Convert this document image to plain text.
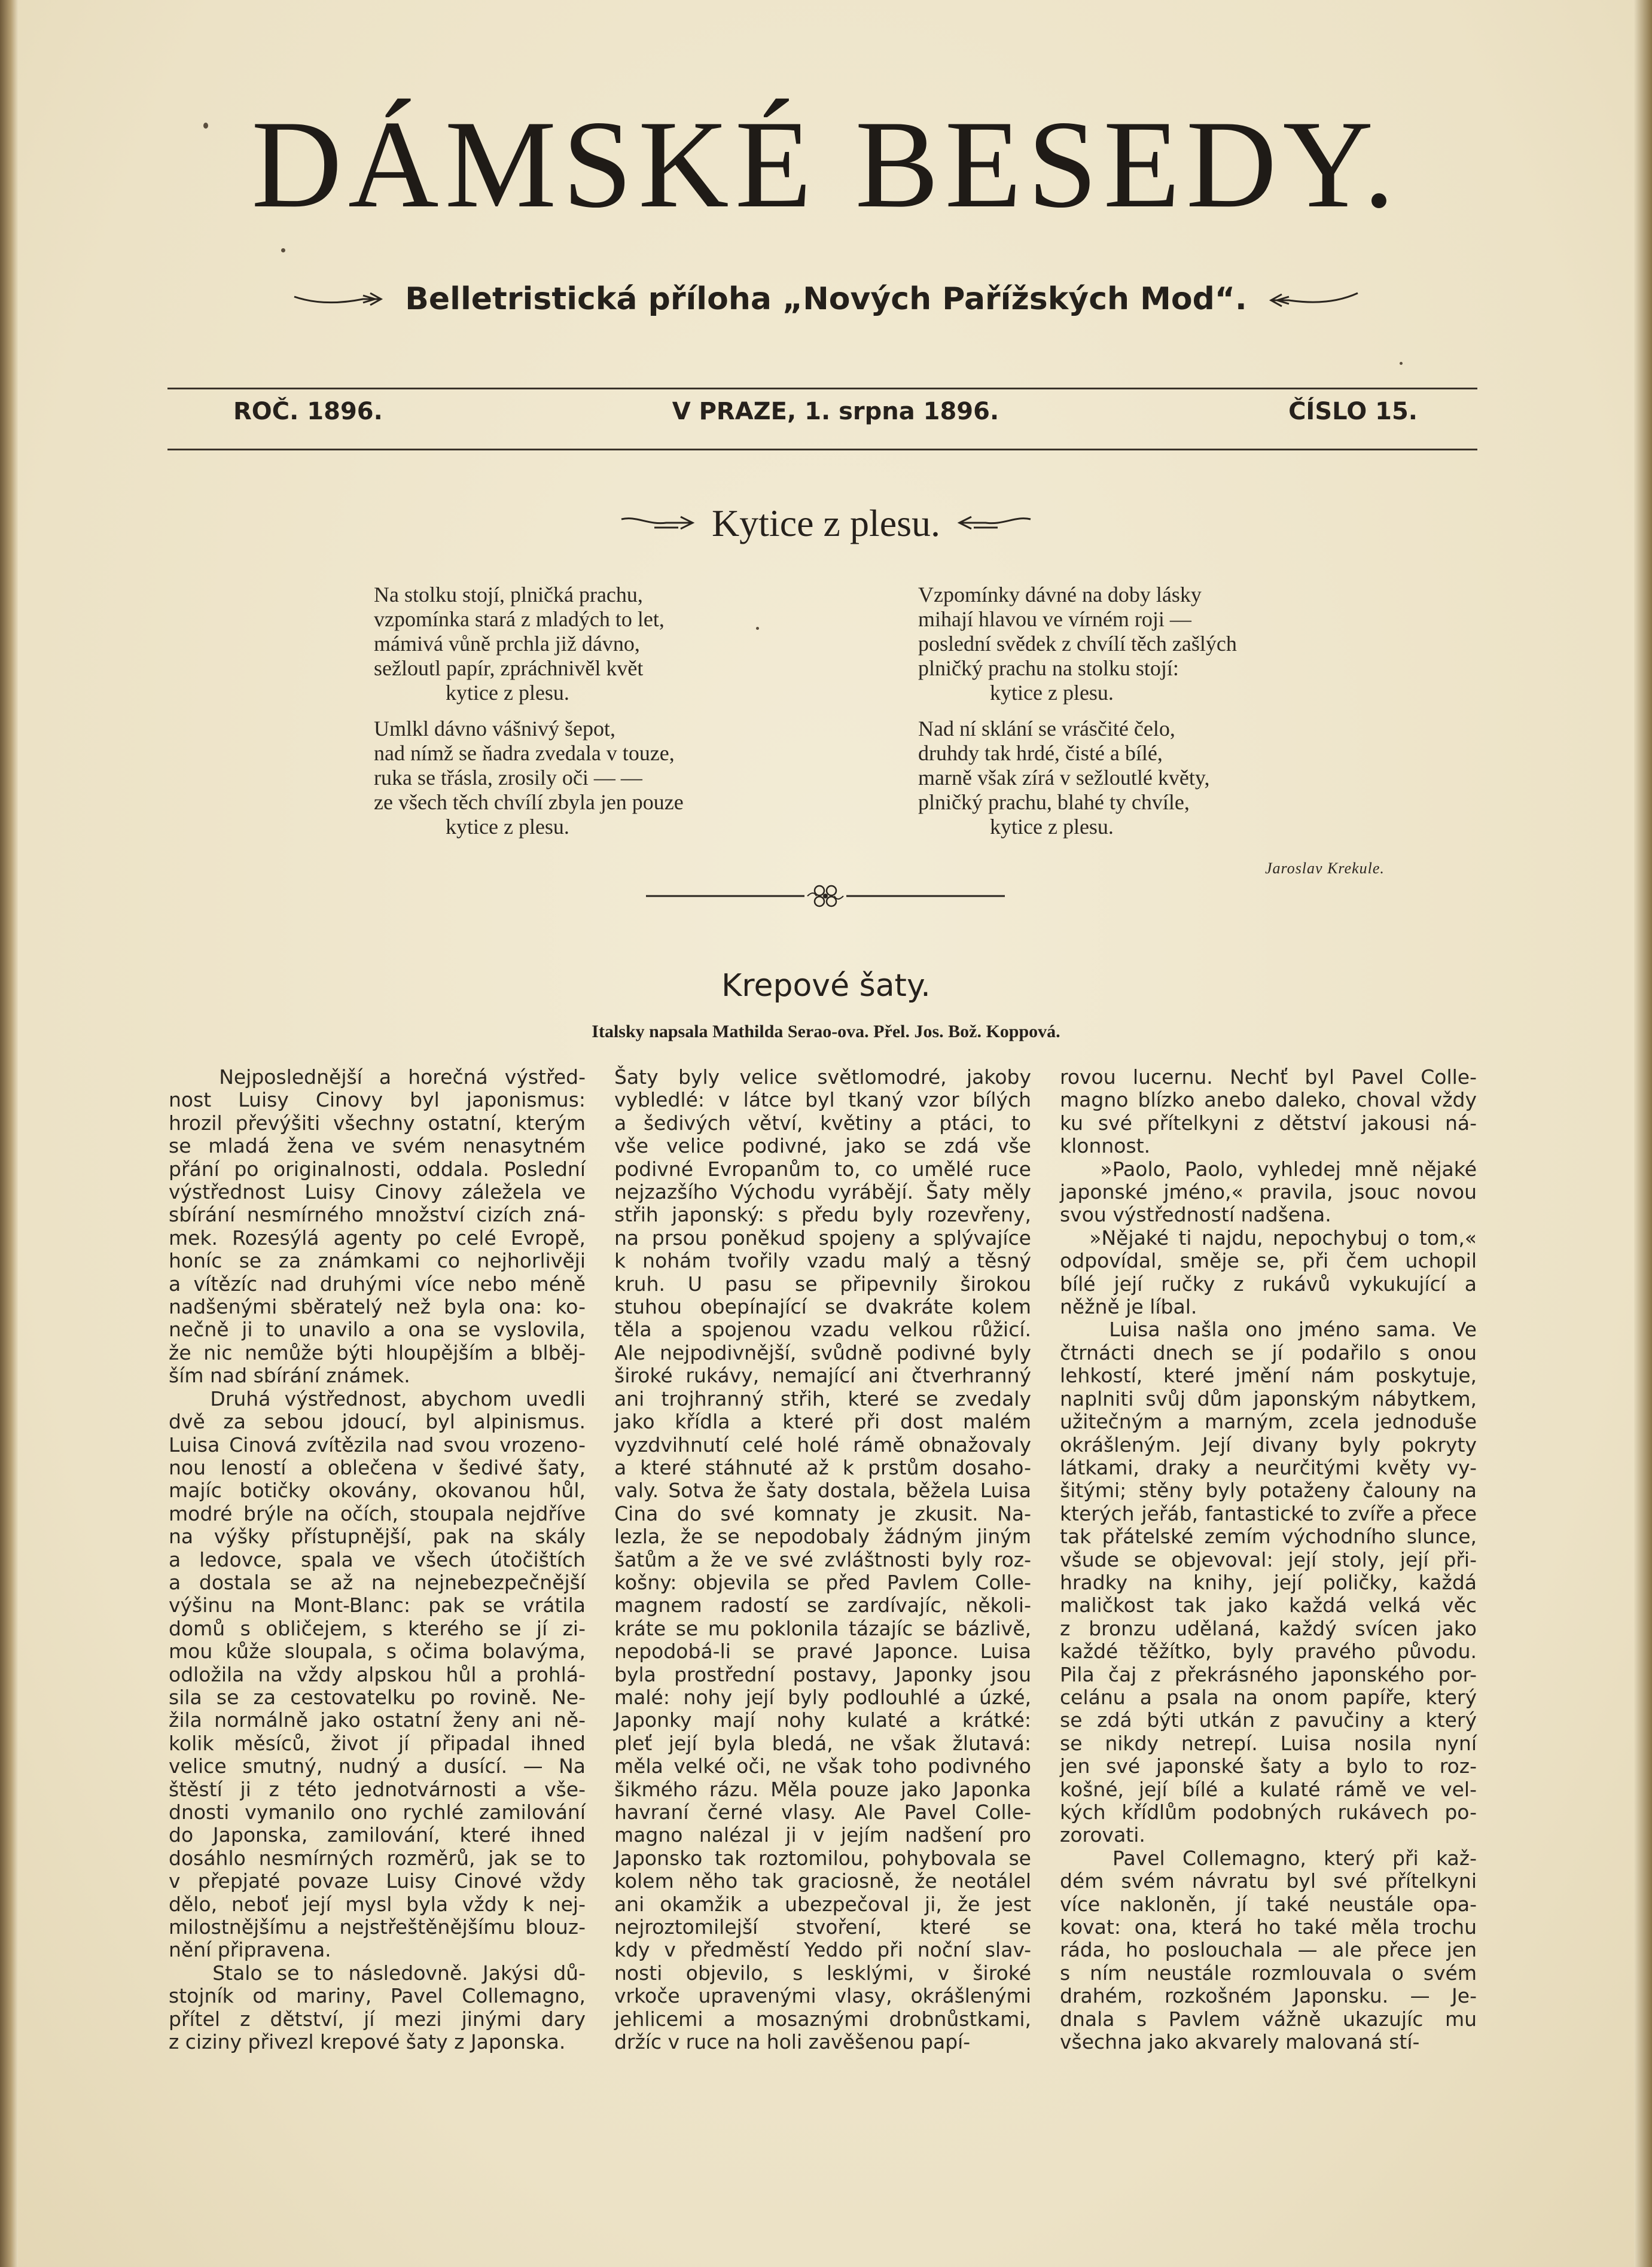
DÁMSKÉ BESEDY.
Belletristická příloha „Nových Pařížských Mod“.
ROČ. 1896.	V PRAZE, 1. srpna 1896.	ČÍSLO 15.
Kytice z plesu.
Na stolku stojí, plničká prachu,
vzpomínka stará z mladých to let,
mámivá vůně prchla již dávno,
sežloutl papír, zpráchnivěl květ
kytice z plesu.
Umlkl dávno vášnivý šepot,
nad nímž se ňadra zvedala v touze,
ruka se třásla, zrosily oči — —
ze všech těch chvílí zbyla jen pouze
kytice z plesu.
Vzpomínky dávné na doby lásky
mihají hlavou ve vírném roji —
poslední svědek z chvílí těch zašlých
plničký prachu na stolku stojí:
kytice z plesu.
Nad ní sklání se vrásčité čelo,
druhdy tak hrdé, čisté a bílé,
marně však zírá v sežloutlé květy,
plničký prachu, blahé ty chvíle,
kytice z plesu.
Jaroslav Krekule.
Krepové šaty.
Italsky napsala Mathilda Serao-ova. Přel. Jos. Bož. Koppová.
Nejposlednější a horečná výstřed-
nost Luisy Cinovy byl japonismus:
hrozil převýšiti všechny ostatní, kterým
se mladá žena ve svém nenasytném
přání po originalnosti, oddala. Poslední
výstřednost Luisy Cinovy záležela ve
sbírání nesmírného množství cizích zná-
mek. Rozesýlá agenty po celé Evropě,
honíc se za známkami co nejhorlivěji
a vítězíc nad druhými více nebo méně
nadšenými sběratelý než byla ona: ko-
nečně ji to unavilo a ona se vyslovila,
že nic nemůže býti hloupějším a blběj-
ším nad sbírání známek.
Druhá výstřednost, abychom uvedli
dvě za sebou jdoucí, byl alpinismus.
Luisa Cinová zvítězila nad svou vrozeno-
nou leností a oblečena v šedivé šaty,
majíc botičky okovány, okovanou hůl,
modré brýle na očích, stoupala nejdříve
na výšky přístupnější, pak na skály
a ledovce, spala ve všech útočištích
a dostala se až na nejnebezpečnější
výšinu na Mont-Blanc: pak se vrátila
domů s obličejem, s kterého se jí zi-
mou kůže sloupala, s očima bolavýma,
odložila na vždy alpskou hůl a prohlá-
sila se za cestovatelku po rovině. Ne-
žila normálně jako ostatní ženy ani ně-
kolik měsíců, život jí připadal ihned
velice smutný, nudný a dusící. — Na
štěstí ji z této jednotvárnosti a vše-
dnosti vymanilo ono rychlé zamilování
do Japonska, zamilování, které ihned
dosáhlo nesmírných rozměrů, jak se to
v přepjaté povaze Luisy Cinové vždy
dělo, neboť její mysl byla vždy k nej-
milostnějšímu a nejstřeštěnějšímu blouz-
nění připravena.
Stalo se to následovně. Jakýsi dů-
stojník od mariny, Pavel Collemagno,
přítel z dětství, jí mezi jinými dary
z ciziny přivezl krepové šaty z Japonska.
Šaty byly velice světlomodré, jakoby
vybledlé: v látce byl tkaný vzor bílých
a šedivých větví, květiny a ptáci, to
vše velice podivné, jako se zdá vše
podivné Evropanům to, co umělé ruce
nejzazšího Východu vyrábějí. Šaty měly
střih japonský: s předu byly rozevřeny,
na prsou poněkud spojeny a splývajíce
k nohám tvořily vzadu malý a těsný
kruh. U pasu se připevnily širokou
stuhou obepínající se dvakráte kolem
těla a spojenou vzadu velkou růžicí.
Ale nejpodivnější, svůdně podivné byly
široké rukávy, nemající ani čtverhranný
ani trojhranný střih, které se zvedaly
jako křídla a které při dost malém
vyzdvihnutí celé holé rámě obnažovaly
a které stáhnuté až k prstům dosaho-
valy. Sotva že šaty dostala, běžela Luisa
Cina do své komnaty je zkusit. Na-
lezla, že se nepodobaly žádným jiným
šatům a že ve své zvláštnosti byly roz-
košny: objevila se před Pavlem Colle-
magnem radostí se zardívajíc, několi-
kráte se mu poklonila tázajíc se bázlivě,
nepodobá-li se pravé Japonce. Luisa
byla prostřední postavy, Japonky jsou
malé: nohy její byly podlouhlé a úzké,
Japonky mají nohy kulaté a krátké:
pleť její byla bledá, ne však žlutavá:
měla velké oči, ne však toho podivného
šikmého rázu. Měla pouze jako Japonka
havraní černé vlasy. Ale Pavel Colle-
magno nalézal ji v jejím nadšení pro
Japonsko tak roztomilou, pohybovala se
kolem něho tak graciosně, že neotálel
ani okamžik a ubezpečoval ji, že jest
nejroztomilejší stvoření, které se
kdy v předměstí Yeddo při noční slav-
nosti objevilo, s lesklými, v široké
vrkoče upravenými vlasy, okrášlenými
jehlicemi a mosaznými drobnůstkami,
držíc v ruce na holi zavěšenou papí-
rovou lucernu. Nechť byl Pavel Colle-
magno blízko anebo daleko, choval vždy
ku své přítelkyni z dětství jakousi ná-
klonnost.
»Paolo, Paolo, vyhledej mně nějaké
japonské jméno,« pravila, jsouc novou
svou výstředností nadšena.
»Nějaké ti najdu, nepochybuj o tom,«
odpovídal, směje se, při čem uchopil
bílé její ručky z rukávů vykukující a
něžně je líbal.
Luisa našla ono jméno sama. Ve
čtrnácti dnech se jí podařilo s onou
lehkostí, které jmění nám poskytuje,
naplniti svůj dům japonským nábytkem,
užitečným a marným, zcela jednoduše
okrášleným. Její divany byly pokryty
látkami, draky a neurčitými květy vy-
šitými; stěny byly potaženy čalouny na
kterých jeřáb, fantastické to zvíře a přece
tak přátelské zemím východního slunce,
všude se objevoval: její stoly, její při-
hradky na knihy, její poličky, každá
maličkost tak jako každá velká věc
z bronzu udělaná, každý svícen jako
každé těžítko, byly pravého původu.
Pila čaj z překrásného japonského por-
celánu a psala na onom papíře, který
se zdá býti utkán z pavučiny a který
se nikdy netrepí. Luisa nosila nyní
jen své japonské šaty a bylo to roz-
košné, její bílé a kulaté rámě ve vel-
kých křídlům podobných rukávech po-
zorovati.
Pavel Collemagno, který při kaž-
dém svém návratu byl své přítelkyni
více nakloněn, jí také neustále opa-
kovat: ona, která ho také měla trochu
ráda, ho poslouchala — ale přece jen
s ním neustále rozmlouvala o svém
drahém, rozkošném Japonsku. — Je-
dnala s Pavlem vážně ukazujíc mu
všechna jako akvarely malovaná stí-
